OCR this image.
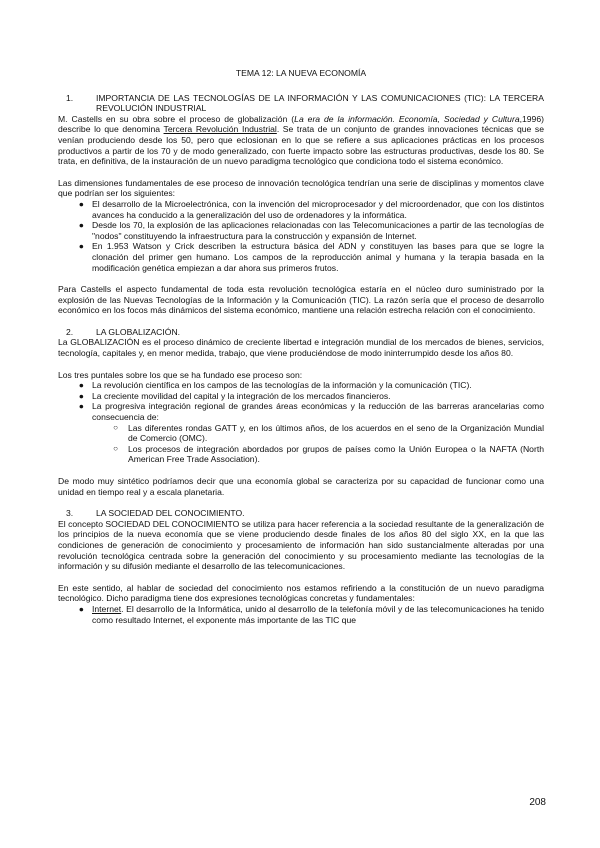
TEMA 12: LA NUEVA ECONOMÍA
1.	IMPORTANCIA DE LAS TECNOLOGÍAS DE LA INFORMACIÓN Y LAS COMUNICACIONES (TIC): LA TERCERA REVOLUCIÓN INDUSTRIAL

M. Castells en su obra sobre el proceso de globalización (La era de la información. Economía, Sociedad y Cultura,1996) describe lo que denomina Tercera Revolución Industrial. Se trata de un conjunto de grandes innovaciones técnicas que se venían produciendo desde los 50, pero que eclosionan en lo que se refiere a sus aplicaciones prácticas en los procesos productivos a partir de los 70 y de modo generalizado, con fuerte impacto sobre las estructuras productivas, desde los 80. Se trata, en definitiva, de la instauración de un nuevo paradigma tecnológico que condiciona todo el sistema económico.

Las dimensiones fundamentales de ese proceso de innovación tecnológica tendrían una serie de disciplinas y momentos clave que podrían ser los siguientes:

● El desarrollo de la Microelectrónica, con la invención del microprocesador y del microordenador, que con los distintos avances ha conducido a la generalización del uso de ordenadores y la informática.
● Desde los 70, la explosión de las aplicaciones relacionadas con las Telecomunicaciones a partir de las tecnologías de "nodos" constituyendo la infraestructura para la construcción y expansión de Internet.
● En 1.953 Watson y Crick describen la estructura básica del ADN y constituyen las bases para que se logre la clonación del primer gen humano. Los campos de la reproducción animal y humana y la terapia basada en la modificación genética empiezan a dar ahora sus primeros frutos.

Para Castells el aspecto fundamental de toda esta revolución tecnológica estaría en el núcleo duro suministrado por la explosión de las Nuevas Tecnologías de la Información y la Comunicación (TIC). La razón sería que el proceso de desarrollo económico en los focos más dinámicos del sistema económico, mantiene una relación estrecha relación con el conocimiento.

2.	LA GLOBALIZACIÓN.

La GLOBALIZACIÓN es el proceso dinámico de creciente libertad e integración mundial de los mercados de bienes, servicios, tecnología, capitales y, en menor medida, trabajo, que viene produciéndose de modo ininterrumpido desde los años 80.

Los tres puntales sobre los que se ha fundado ese proceso son:

● La revolución científica en los campos de las tecnologías de la información y la comunicación (TIC).
● La creciente movilidad del capital y la integración de los mercados financieros.
● La progresiva integración regional de grandes áreas económicas y la reducción de las barreras arancelarias como consecuencia de:
○	Las diferentes rondas GATT y, en los últimos años, de los acuerdos en el seno de la Organización Mundial de Comercio (OMC).
○	Los procesos de integración abordados por grupos de países como la Unión Europea o la NAFTA (North American Free Trade Association).

De modo muy sintético podríamos decir que una economía global se caracteriza por su capacidad de funcionar como una unidad en tiempo real y a escala planetaria.

3.	LA SOCIEDAD DEL CONOCIMIENTO.

El concepto SOCIEDAD DEL CONOCIMIENTO se utiliza para hacer referencia a la sociedad resultante de la generalización de los principios de la nueva economía que se viene produciendo desde finales de los años 80 del siglo XX, en la que las condiciones de generación de conocimiento y procesamiento de información han sido sustancialmente alteradas por una revolución tecnológica centrada sobre la generación del conocimiento y su procesamiento mediante las tecnologías de la información y su difusión mediante el desarrollo de las telecomunicaciones.

En este sentido, al hablar de sociedad del conocimiento nos estamos refiriendo a la constitución de un nuevo paradigma tecnológico. Dicho paradigma tiene dos expresiones tecnológicas concretas y fundamentales:

● Internet. El desarrollo de la Informática, unido al desarrollo de la telefonía móvil y de las telecomunicaciones ha tenido como resultado Internet, el exponente más importante de las TIC que
208
